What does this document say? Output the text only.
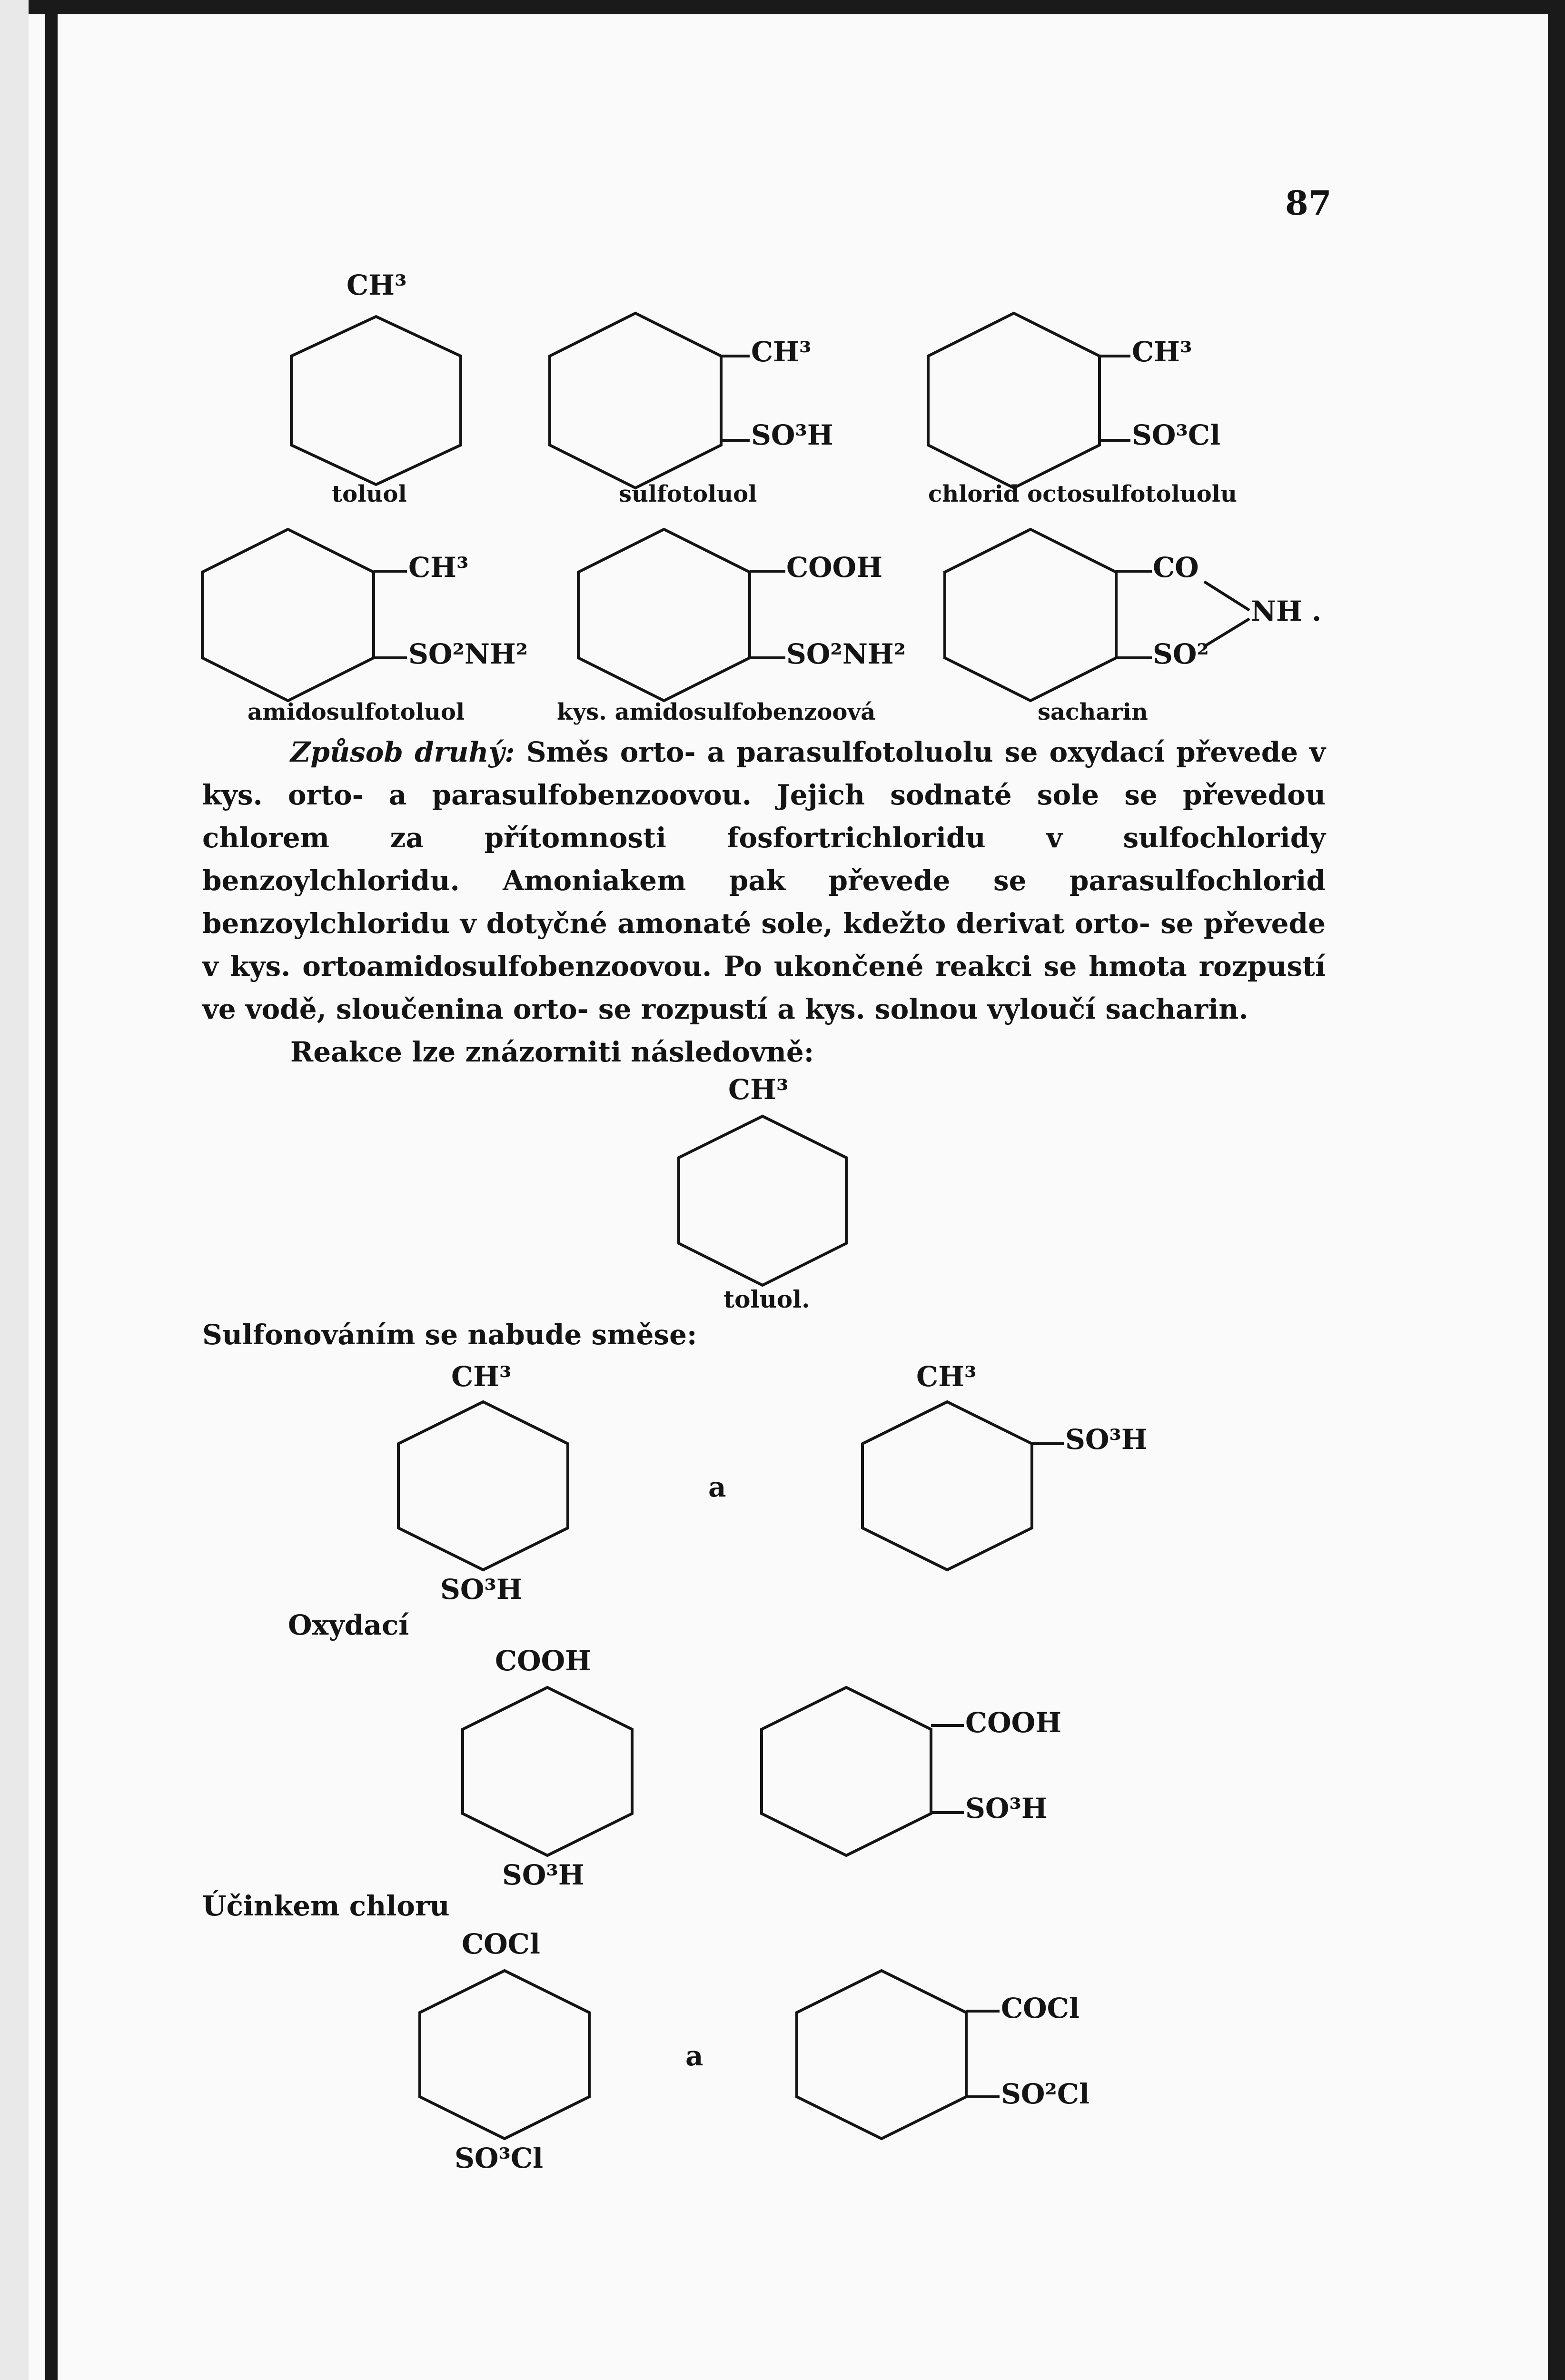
87
CH³
toluol
CH³
SO³H
sulfotoluol
CH³
SO³Cl
chlorid octosulfotoluolu
CH³
SO²NH²
amidosulfotoluol
COOH
SO²NH²
kys. amidosulfobenzoová
CO
NH .
SO²
sacharin

Způsob druhý: Směs orto- a parasulfotoluolu se oxydací převede v kys. orto- a parasulfobenzoovou. Jejich sodnaté sole se převedou chlorem za přítomnosti fosfortrichloridu v sulfochloridy benzoylchloridu. Amoniakem pak převede se parasulfochlorid benzoylchloridu v dotyčné amonaté sole, kdežto derivat orto- se převede v kys. ortoamidosulfobenzoovou. Po ukončené reakci se hmota rozpustí ve vodě, sloučenina orto- se rozpustí a kys. solnou vyloučí sacharin.

Reakce lze znázorniti následovně:

CH³
toluol.
Sulfonováním se nabude směse:
CH³
SO³H
a
CH³
SO³H
Oxydací
COOH
SO³H
COOH
SO³H
Účinkem chloru
COCl
SO³Cl
a
COCl
SO²Cl
